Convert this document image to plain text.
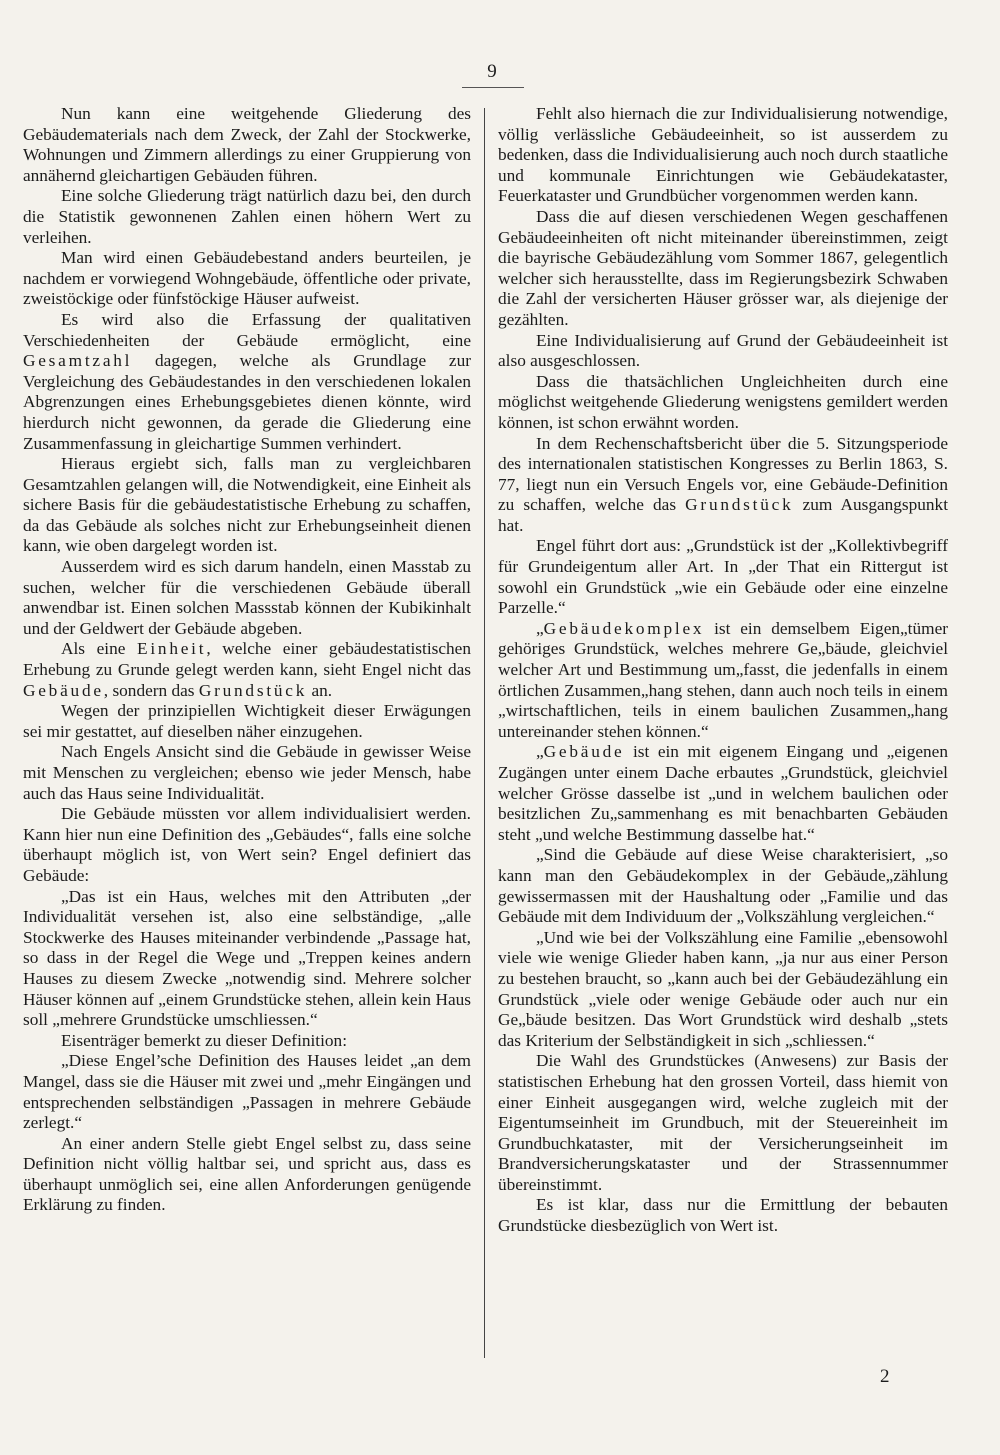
9

Nun kann eine weitgehende Gliederung des Gebäudematerials nach dem Zweck, der Zahl der Stockwerke, Wohnungen und Zimmern allerdings zu einer Gruppierung von annähernd gleichartigen Gebäuden führen.

Eine solche Gliederung trägt natürlich dazu bei, den durch die Statistik gewonnenen Zahlen einen höhern Wert zu verleihen.

Man wird einen Gebäudebestand anders beurteilen, je nachdem er vorwiegend Wohngebäude, öffentliche oder private, zweistöckige oder fünfstöckige Häuser aufweist.

Es wird also die Erfassung der qualitativen Verschiedenheiten der Gebäude ermöglicht, eine Gesamtzahl dagegen, welche als Grundlage zur Vergleichung des Gebäudestandes in den verschiedenen lokalen Abgrenzungen eines Erhebungsgebietes dienen könnte, wird hierdurch nicht gewonnen, da gerade die Gliederung eine Zusammenfassung in gleichartige Summen verhindert.

Hieraus ergiebt sich, falls man zu vergleichbaren Gesamtzahlen gelangen will, die Notwendigkeit, eine Einheit als sichere Basis für die gebäudestatistische Erhebung zu schaffen, da das Gebäude als solches nicht zur Erhebungseinheit dienen kann, wie oben dargelegt worden ist.

Ausserdem wird es sich darum handeln, einen Masstab zu suchen, welcher für die verschiedenen Gebäude überall anwendbar ist. Einen solchen Massstab können der Kubikinhalt und der Geldwert der Gebäude abgeben.

Als eine Einheit, welche einer gebäudestatistischen Erhebung zu Grunde gelegt werden kann, sieht Engel nicht das Gebäude, sondern das Grundstück an.

Wegen der prinzipiellen Wichtigkeit dieser Erwägungen sei mir gestattet, auf dieselben näher einzugehen.

Nach Engels Ansicht sind die Gebäude in gewisser Weise mit Menschen zu vergleichen; ebenso wie jeder Mensch, habe auch das Haus seine Individualität.

Die Gebäude müssten vor allem individualisiert werden. Kann hier nun eine Definition des „Gebäudes“, falls eine solche überhaupt möglich ist, von Wert sein? Engel definiert das Gebäude:

„Das ist ein Haus, welches mit den Attributen „der Individualität versehen ist, also eine selbständige, „alle Stockwerke des Hauses miteinander verbindende „Passage hat, so dass in der Regel die Wege und „Treppen keines andern Hauses zu diesem Zwecke „notwendig sind. Mehrere solcher Häuser können auf „einem Grundstücke stehen, allein kein Haus soll „mehrere Grundstücke umschliessen.“

Eisenträger bemerkt zu dieser Definition:

„Diese Engel’sche Definition des Hauses leidet „an dem Mangel, dass sie die Häuser mit zwei und „mehr Eingängen und entsprechenden selbständigen „Passagen in mehrere Gebäude zerlegt.“

An einer andern Stelle giebt Engel selbst zu, dass seine Definition nicht völlig haltbar sei, und spricht aus, dass es überhaupt unmöglich sei, eine allen Anforderungen genügende Erklärung zu finden.

Fehlt also hiernach die zur Individualisierung notwendige, völlig verlässliche Gebäudeeinheit, so ist ausserdem zu bedenken, dass die Individualisierung auch noch durch staatliche und kommunale Einrichtungen wie Gebäudekataster, Feuerkataster und Grundbücher vorgenommen werden kann.

Dass die auf diesen verschiedenen Wegen geschaffenen Gebäudeeinheiten oft nicht miteinander übereinstimmen, zeigt die bayrische Gebäudezählung vom Sommer 1867, gelegentlich welcher sich herausstellte, dass im Regierungsbezirk Schwaben die Zahl der versicherten Häuser grösser war, als diejenige der gezählten.

Eine Individualisierung auf Grund der Gebäudeeinheit ist also ausgeschlossen.

Dass die thatsächlichen Ungleichheiten durch eine möglichst weitgehende Gliederung wenigstens gemildert werden können, ist schon erwähnt worden.

In dem Rechenschaftsbericht über die 5. Sitzungsperiode des internationalen statistischen Kongresses zu Berlin 1863, S. 77, liegt nun ein Versuch Engels vor, eine Gebäude-Definition zu schaffen, welche das Grundstück zum Ausgangspunkt hat.

Engel führt dort aus: „Grundstück ist der „Kollektivbegriff für Grundeigentum aller Art. In „der That ein Rittergut ist sowohl ein Grundstück „wie ein Gebäude oder eine einzelne Parzelle.“

„Gebäudekomplex ist ein demselbem Eigen„tümer gehöriges Grundstück, welches mehrere Ge„bäude, gleichviel welcher Art und Bestimmung um„fasst, die jedenfalls in einem örtlichen Zusammen„hang stehen, dann auch noch teils in einem „wirtschaftlichen, teils in einem baulichen Zusammen„hang untereinander stehen können.“

„Gebäude ist ein mit eigenem Eingang und „eigenen Zugängen unter einem Dache erbautes „Grundstück, gleichviel welcher Grösse dasselbe ist „und in welchem baulichen oder besitzlichen Zu„sammenhang es mit benachbarten Gebäuden steht „und welche Bestimmung dasselbe hat.“

„Sind die Gebäude auf diese Weise charakterisiert, „so kann man den Gebäudekomplex in der Gebäude„zählung gewissermassen mit der Haushaltung oder „Familie und das Gebäude mit dem Individuum der „Volkszählung vergleichen.“

„Und wie bei der Volkszählung eine Familie „ebensowohl viele wie wenige Glieder haben kann, „ja nur aus einer Person zu bestehen braucht, so „kann auch bei der Gebäudezählung ein Grundstück „viele oder wenige Gebäude oder auch nur ein Ge„bäude besitzen. Das Wort Grundstück wird deshalb „stets das Kriterium der Selbständigkeit in sich „schliessen.“

Die Wahl des Grundstückes (Anwesens) zur Basis der statistischen Erhebung hat den grossen Vorteil, dass hiemit von einer Einheit ausgegangen wird, welche zugleich mit der Eigentumseinheit im Grundbuch, mit der Steuereinheit im Grundbuchkataster, mit der Versicherungseinheit im Brandversicherungskataster und der Strassennummer übereinstimmt.

Es ist klar, dass nur die Ermittlung der bebauten Grundstücke diesbezüglich von Wert ist.

2
